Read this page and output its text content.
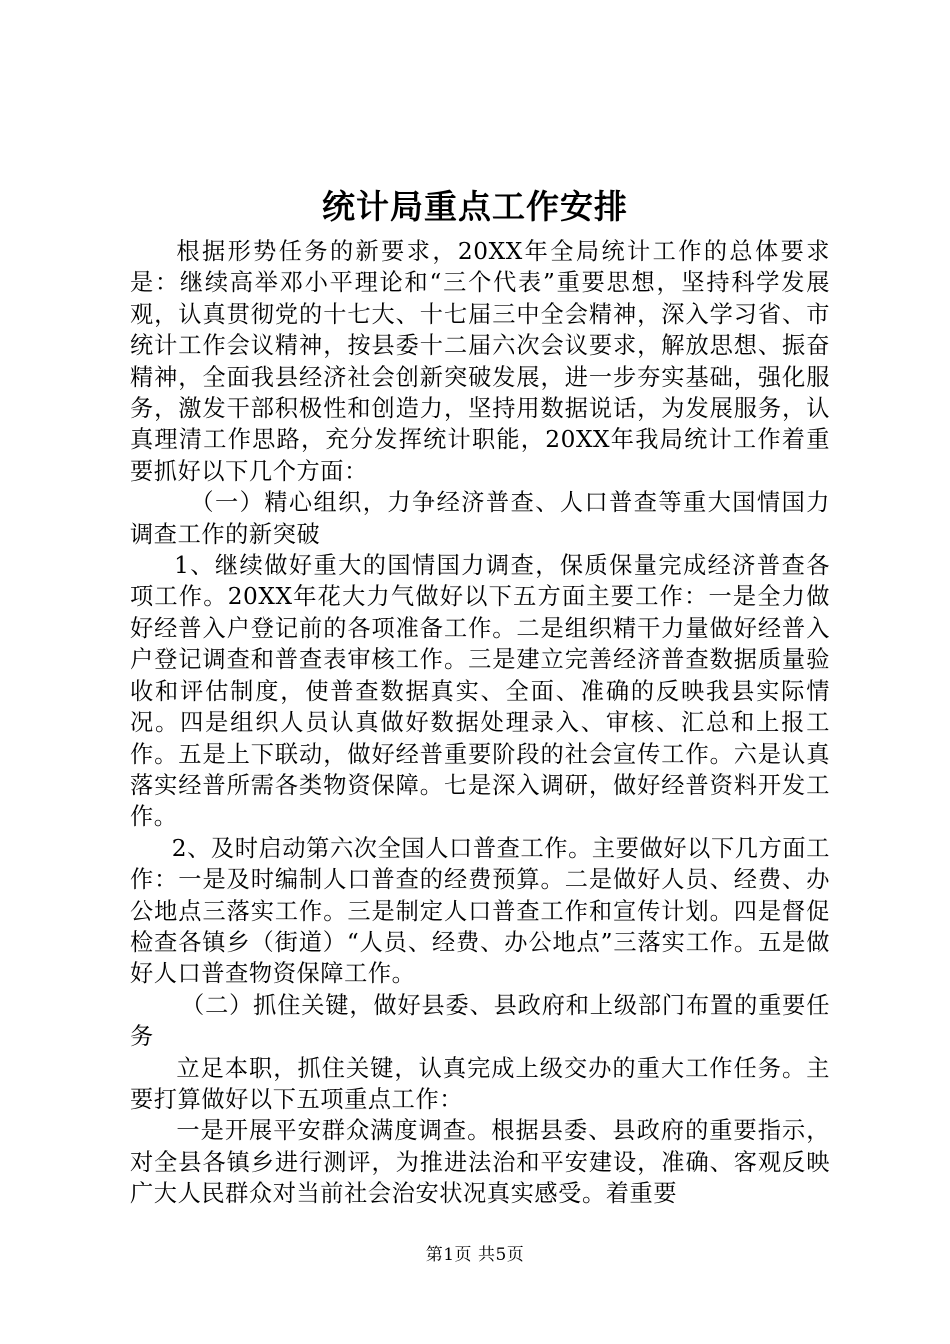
统计局重点工作安排

根据形势任务的新要求，20XX年全局统计工作的总体要求是：继续高举邓小平理论和“三个代表”重要思想，坚持科学发展观，认真贯彻党的十七大、十七届三中全会精神，深入学习省、市统计工作会议精神，按县委十二届六次会议要求，解放思想、振奋精神，全面我县经济社会创新突破发展，进一步夯实基础，强化服务，激发干部积极性和创造力，坚持用数据说话，为发展服务，认真理清工作思路，充分发挥统计职能，20XX年我局统计工作着重要抓好以下几个方面：

（一）精心组织，力争经济普查、人口普查等重大国情国力调查工作的新突破

1、继续做好重大的国情国力调查，保质保量完成经济普查各项工作。20XX年花大力气做好以下五方面主要工作：一是全力做好经普入户登记前的各项准备工作。二是组织精干力量做好经普入户登记调查和普查表审核工作。三是建立完善经济普查数据质量验收和评估制度，使普查数据真实、全面、准确的反映我县实际情况。四是组织人员认真做好数据处理录入、审核、汇总和上报工作。五是上下联动，做好经普重要阶段的社会宣传工作。六是认真落实经普所需各类物资保障。七是深入调研，做好经普资料开发工作。

2、及时启动第六次全国人口普查工作。主要做好以下几方面工作：一是及时编制人口普查的经费预算。二是做好人员、经费、办公地点三落实工作。三是制定人口普查工作和宣传计划。四是督促检查各镇乡（街道）“人员、经费、办公地点”三落实工作。五是做好人口普查物资保障工作。

（二）抓住关键，做好县委、县政府和上级部门布置的重要任务

立足本职，抓住关键，认真完成上级交办的重大工作任务。主要打算做好以下五项重点工作：

一是开展平安群众满度调查。根据县委、县政府的重要指示，对全县各镇乡进行测评，为推进法治和平安建设，准确、客观反映广大人民群众对当前社会治安状况真实感受。着重要

第1页 共5页
